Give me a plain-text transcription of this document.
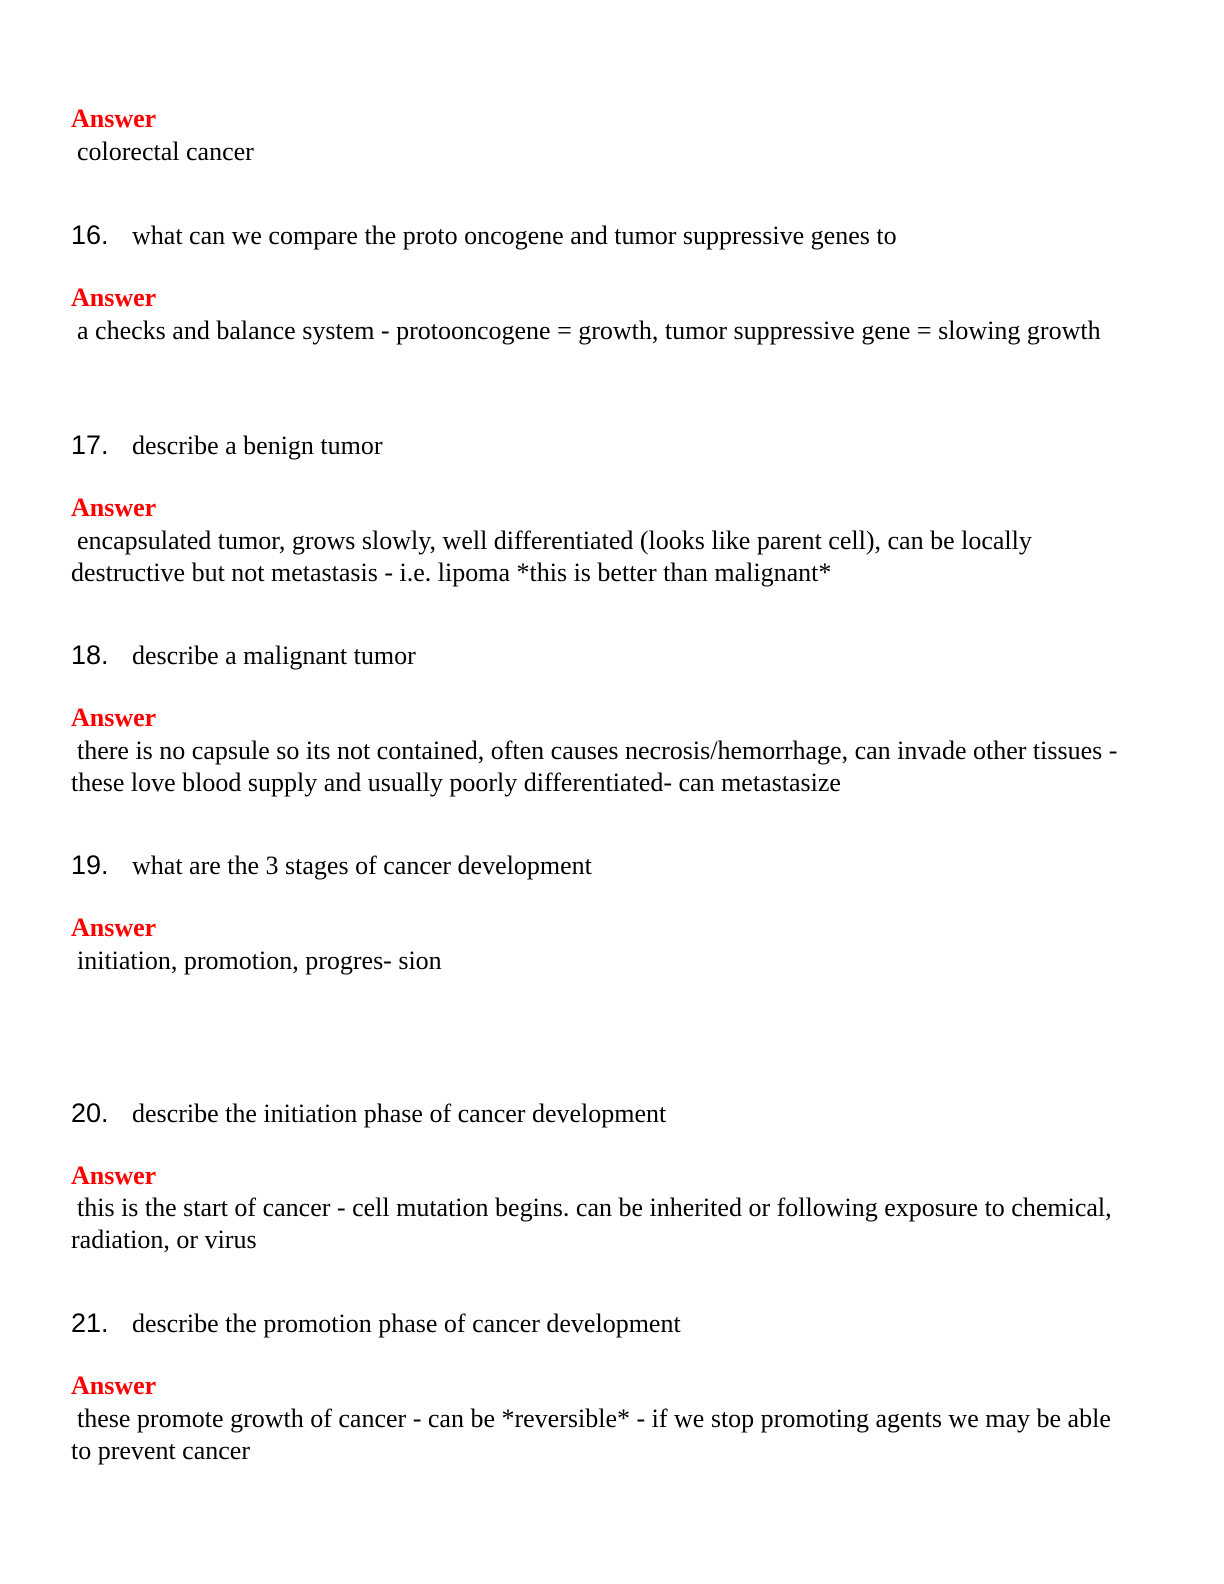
Answer
colorectal cancer
16. what can we compare the proto oncogene and tumor suppressive genes to
Answer
a checks and balance system - protooncogene = growth, tumor suppressive gene = slowing growth
17. describe a benign tumor
Answer
encapsulated tumor, grows slowly, well differentiated (looks like parent cell), can be locally destructive but not metastasis - i.e. lipoma *this is better than malignant*
18. describe a malignant tumor
Answer
there is no capsule so its not contained, often causes necrosis/hemorrhage, can invade other tissues - these love blood supply and usually poorly differentiated- can metastasize
19. what are the 3 stages of cancer development
Answer
initiation, promotion, progres- sion
20. describe the initiation phase of cancer development
Answer
this is the start of cancer - cell mutation begins. can be inherited or following exposure to chemical, radiation, or virus
21. describe the promotion phase of cancer development
Answer
these promote growth of cancer - can be *reversible* - if we stop promoting agents we may be able to prevent cancer
